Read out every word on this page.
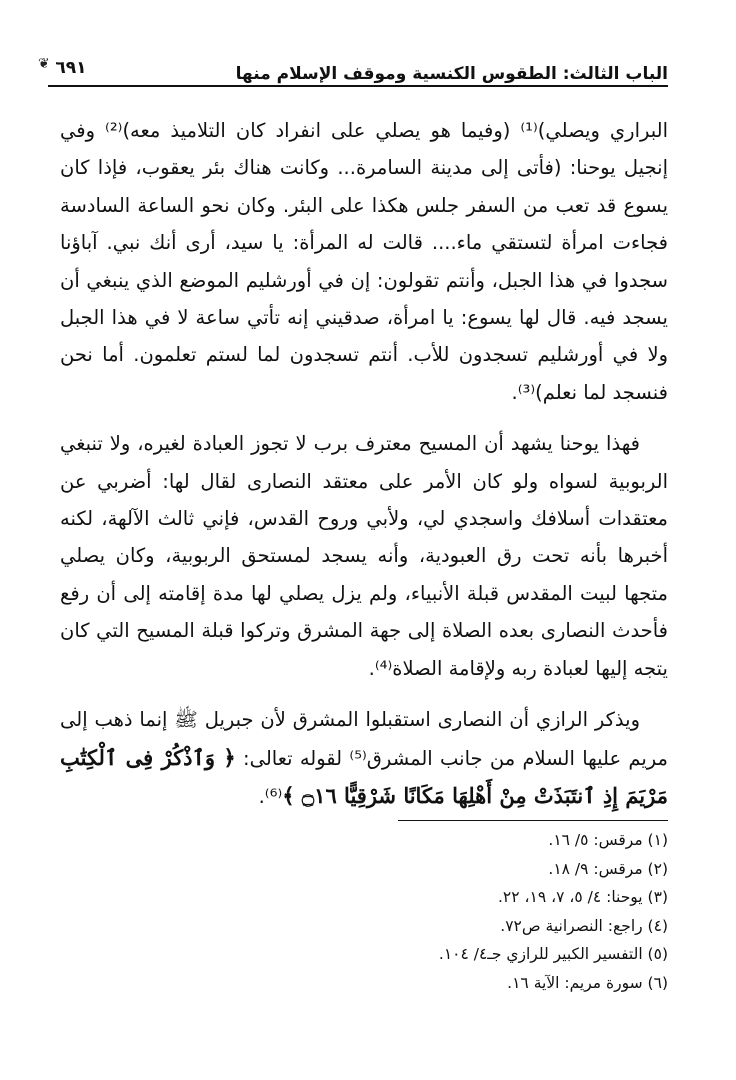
الباب الثالث: الطقوس الكنسية وموقف الإسلام منها
❦ ٦٩١

البراري ويصلي)⁽¹⁾ (وفيما هو يصلي على انفراد كان التلاميذ معه)⁽²⁾ وفي إنجيل يوحنا: (فأتى إلى مدينة السامرة... وكانت هناك بئر يعقوب، فإذا كان يسوع قد تعب من السفر جلس هكذا على البئر. وكان نحو الساعة السادسة فجاءت امرأة لتستقي ماء.... قالت له المرأة: يا سيد، أرى أنك نبي. آباؤنا سجدوا في هذا الجبل، وأنتم تقولون: إن في أورشليم الموضع الذي ينبغي أن يسجد فيه. قال لها يسوع: يا امرأة، صدقيني إنه تأتي ساعة لا في هذا الجبل ولا في أورشليم تسجدون للأب. أنتم تسجدون لما لستم تعلمون. أما نحن فنسجد لما نعلم)⁽³⁾.

فهذا يوحنا يشهد أن المسيح معترف برب لا تجوز العبادة لغيره، ولا تنبغي الربوبية لسواه ولو كان الأمر على معتقد النصارى لقال لها: أضربي عن معتقدات أسلافك واسجدي لي، ولأبي وروح القدس، فإني ثالث الآلهة، لكنه أخبرها بأنه تحت رق العبودية، وأنه يسجد لمستحق الربوبية، وكان يصلي متجها لبيت المقدس قبلة الأنبياء، ولم يزل يصلي لها مدة إقامته إلى أن رفع فأحدث النصارى بعده الصلاة إلى جهة المشرق وتركوا قبلة المسيح التي كان يتجه إليها لعبادة ربه ولإقامة الصلاة⁽⁴⁾.

ويذكر الرازي أن النصارى استقبلوا المشرق لأن جبريل ﷺ إنما ذهب إلى مريم عليها السلام من جانب المشرق⁽⁵⁾ لقوله تعالى: ﴿ وَٱذْكُرْ فِى ٱلْكِتَٰبِ مَرْيَمَ إِذِ ٱنتَبَذَتْ مِنْ أَهْلِهَا مَكَانًا شَرْقِيًّا ۝١٦ ﴾⁽⁶⁾.

(١) مرقس: ٥/ ١٦.

(٢) مرقس: ٩/ ١٨.

(٣) يوحنا: ٤/ ٥، ٧، ١٩، ٢٢.

(٤) راجع: النصرانية ص٧٢.

(٥) التفسير الكبير للرازي جـ٤/ ١٠٤.

(٦) سورة مريم: الآية ١٦.
